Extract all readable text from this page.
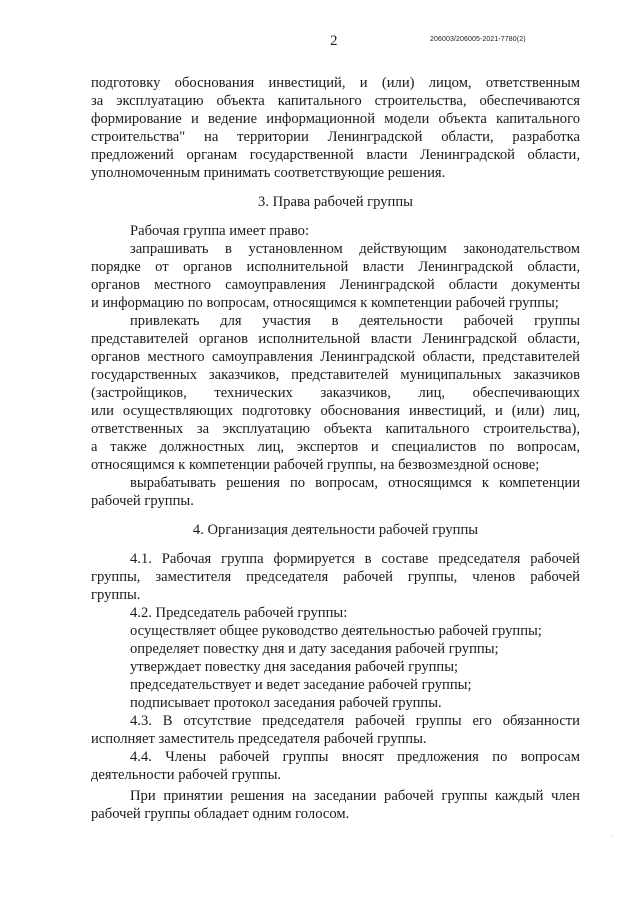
2	206003/206005-2021-7780(2)
подготовку обоснования инвестиций, и (или) лицом, ответственным
за эксплуатацию объекта капитального строительства, обеспечиваются
формирование и ведение информационной модели объекта капитального
строительства" на территории Ленинградской области, разработка
предложений органам государственной власти Ленинградской области,
уполномоченным принимать соответствующие решения.
3. Права рабочей группы
Рабочая группа имеет право:
запрашивать в установленном действующим законодательством
порядке от органов исполнительной власти Ленинградской области,
органов местного самоуправления Ленинградской области документы
и информацию по вопросам, относящимся к компетенции рабочей группы;
привлекать для участия в деятельности рабочей группы
представителей органов исполнительной власти Ленинградской области,
органов местного самоуправления Ленинградской области, представителей
государственных заказчиков, представителей муниципальных заказчиков
(застройщиков, технических заказчиков, лиц, обеспечивающих
или осуществляющих подготовку обоснования инвестиций, и (или) лиц,
ответственных за эксплуатацию объекта капитального строительства),
а также должностных лиц, экспертов и специалистов по вопросам,
относящимся к компетенции рабочей группы, на безвозмездной основе;
вырабатывать решения по вопросам, относящимся к компетенции
рабочей группы.
4. Организация деятельности рабочей группы
4.1. Рабочая группа формируется в составе председателя рабочей
группы, заместителя председателя рабочей группы, членов рабочей
группы.
4.2. Председатель рабочей группы:
осуществляет общее руководство деятельностью рабочей группы;
определяет повестку дня и дату заседания рабочей группы;
утверждает повестку дня заседания рабочей группы;
председательствует и ведет заседание рабочей группы;
подписывает протокол заседания рабочей группы.
4.3. В отсутствие председателя рабочей группы его обязанности
исполняет заместитель председателя рабочей группы.
4.4. Члены рабочей группы вносят предложения по вопросам
деятельности рабочей группы.
При принятии решения на заседании рабочей группы каждый член
рабочей группы обладает одним голосом.
